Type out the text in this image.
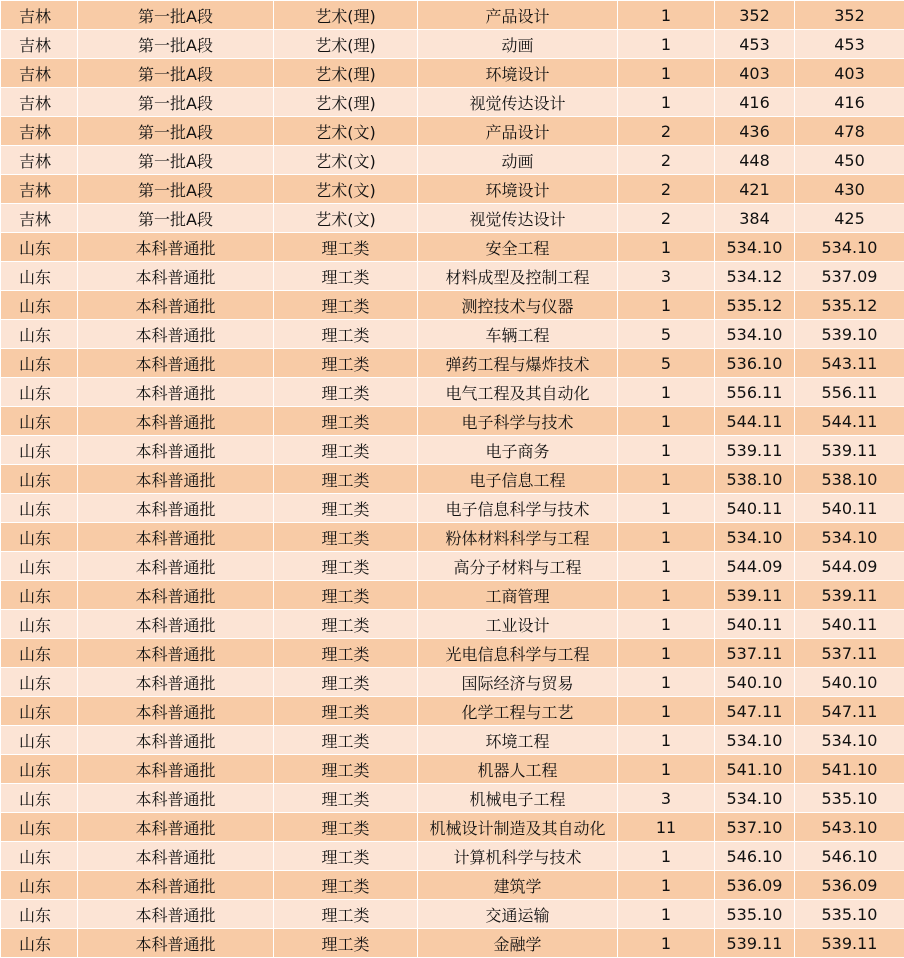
吉林	第一批A段	艺术(理)	产品设计	1	352	352
吉林	第一批A段	艺术(理)	动画	1	453	453
吉林	第一批A段	艺术(理)	环境设计	1	403	403
吉林	第一批A段	艺术(理)	视觉传达设计	1	416	416
吉林	第一批A段	艺术(文)	产品设计	2	436	478
吉林	第一批A段	艺术(文)	动画	2	448	450
吉林	第一批A段	艺术(文)	环境设计	2	421	430
吉林	第一批A段	艺术(文)	视觉传达设计	2	384	425
山东	本科普通批	理工类	安全工程	1	534.10	534.10
山东	本科普通批	理工类	材料成型及控制工程	3	534.12	537.09
山东	本科普通批	理工类	测控技术与仪器	1	535.12	535.12
山东	本科普通批	理工类	车辆工程	5	534.10	539.10
山东	本科普通批	理工类	弹药工程与爆炸技术	5	536.10	543.11
山东	本科普通批	理工类	电气工程及其自动化	1	556.11	556.11
山东	本科普通批	理工类	电子科学与技术	1	544.11	544.11
山东	本科普通批	理工类	电子商务	1	539.11	539.11
山东	本科普通批	理工类	电子信息工程	1	538.10	538.10
山东	本科普通批	理工类	电子信息科学与技术	1	540.11	540.11
山东	本科普通批	理工类	粉体材料科学与工程	1	534.10	534.10
山东	本科普通批	理工类	高分子材料与工程	1	544.09	544.09
山东	本科普通批	理工类	工商管理	1	539.11	539.11
山东	本科普通批	理工类	工业设计	1	540.11	540.11
山东	本科普通批	理工类	光电信息科学与工程	1	537.11	537.11
山东	本科普通批	理工类	国际经济与贸易	1	540.10	540.10
山东	本科普通批	理工类	化学工程与工艺	1	547.11	547.11
山东	本科普通批	理工类	环境工程	1	534.10	534.10
山东	本科普通批	理工类	机器人工程	1	541.10	541.10
山东	本科普通批	理工类	机械电子工程	3	534.10	535.10
山东	本科普通批	理工类	机械设计制造及其自动化	11	537.10	543.10
山东	本科普通批	理工类	计算机科学与技术	1	546.10	546.10
山东	本科普通批	理工类	建筑学	1	536.09	536.09
山东	本科普通批	理工类	交通运输	1	535.10	535.10
山东	本科普通批	理工类	金融学	1	539.11	539.11
